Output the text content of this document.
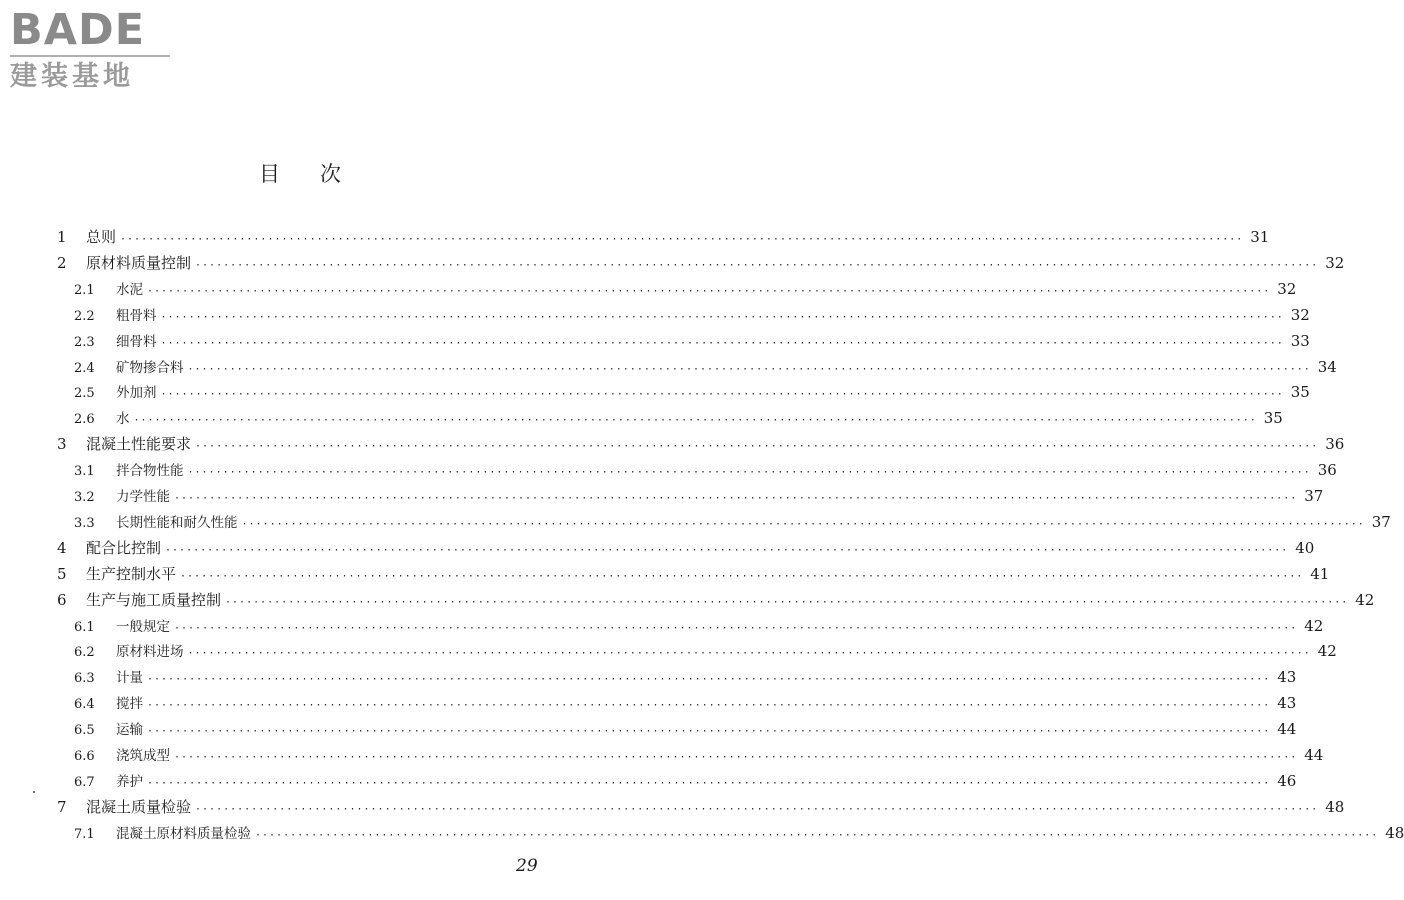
BADE
建装基地
目次
1	总则 ································································································································································ 31
2	原材料质量控制 ································································································································································ 32
2.1	水泥 ································································································································································ 32
2.2	粗骨料 ································································································································································ 32
2.3	细骨料 ································································································································································ 33
2.4	矿物掺合料 ································································································································································ 34
2.5	外加剂 ································································································································································ 35
2.6	水 ································································································································································ 35
3	混凝土性能要求 ································································································································································ 36
3.1	拌合物性能 ································································································································································ 36
3.2	力学性能 ································································································································································ 37
3.3	长期性能和耐久性能 ································································································································································ 37
4	配合比控制 ································································································································································ 40
5	生产控制水平 ································································································································································ 41
6	生产与施工质量控制 ································································································································································ 42
6.1	一般规定 ································································································································································ 42
6.2	原材料进场 ································································································································································ 42
6.3	计量 ································································································································································ 43
6.4	搅拌 ································································································································································ 43
6.5	运输 ································································································································································ 44
6.6	浇筑成型 ································································································································································ 44
6.7	养护 ································································································································································ 46
7	混凝土质量检验 ································································································································································ 48
7.1	混凝土原材料质量检验 ································································································································································ 48
29
